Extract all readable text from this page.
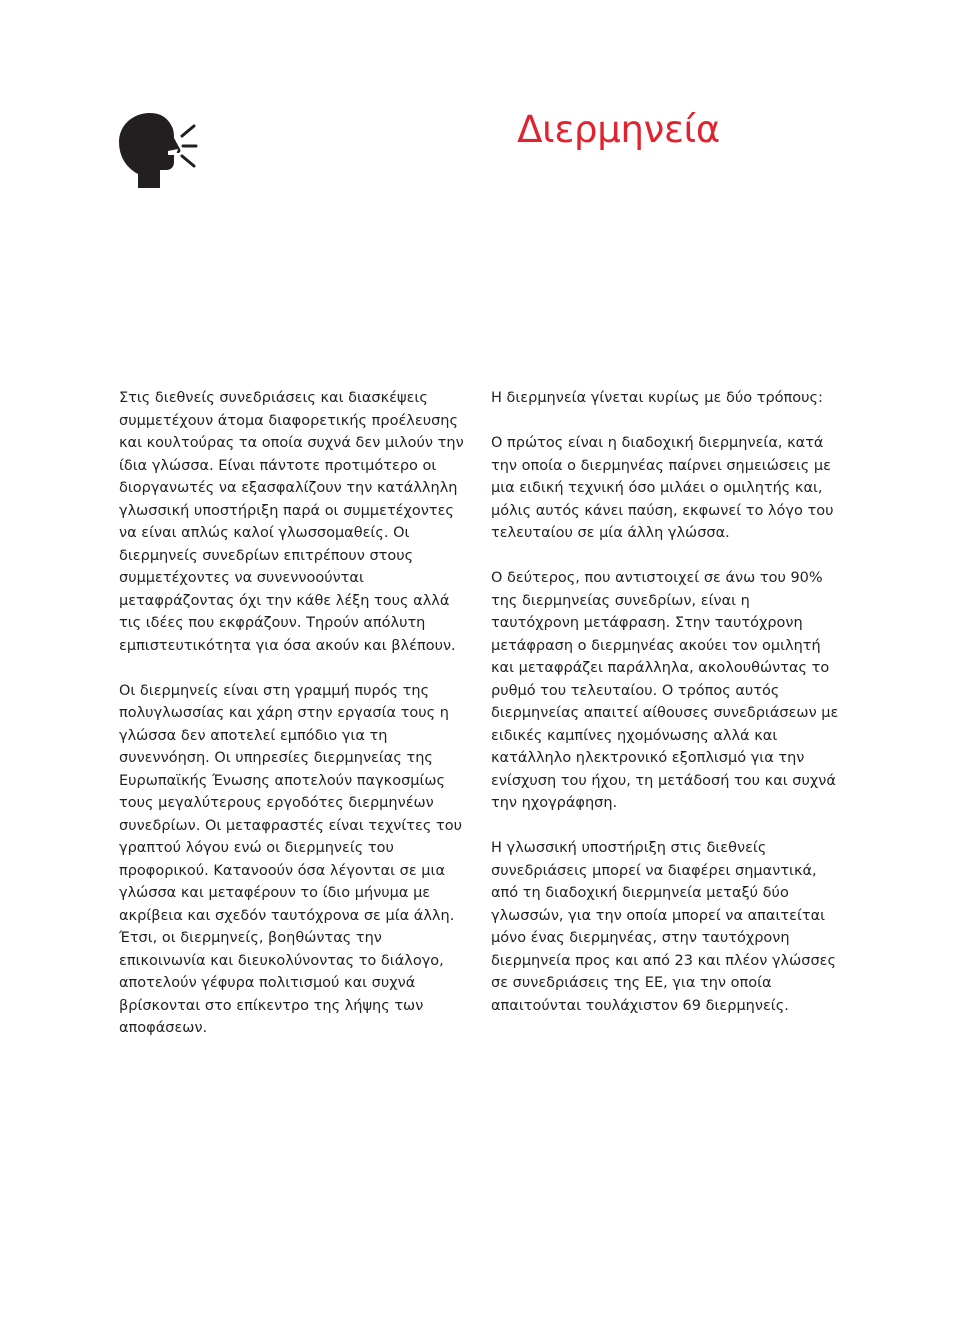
Διερμηνεία

Στις διεθνείς συνεδριάσεις και διασκέψεις συμμετέχουν άτομα διαφορετικής προέλευσης και κουλτούρας τα οποία συχνά δεν μιλούν την ίδια γλώσσα. Είναι πάντοτε προτιμότερο οι διοργανωτές να εξασφαλίζουν την κατάλληλη γλωσσική υποστήριξη παρά οι συμμετέχοντες να είναι απλώς καλοί γλωσσομαθείς. Οι διερμηνείς συνεδρίων επιτρέπουν στους συμμετέχοντες να συνεννοούνται μεταφράζοντας όχι την κάθε λέξη τους αλλά τις ιδέες που εκφράζουν. Τηρούν απόλυτη εμπιστευτικότητα για όσα ακούν και βλέπουν.

Οι διερμηνείς είναι στη γραμμή πυρός της πολυγλωσσίας και χάρη στην εργασία τους η γλώσσα δεν αποτελεί εμπόδιο για τη συνεννόηση. Οι υπηρεσίες διερμηνείας της Ευρωπαϊκής Ένωσης αποτελούν παγκοσμίως τους μεγαλύτερους εργοδότες διερμηνέων συνεδρίων. Οι μεταφραστές είναι τεχνίτες του γραπτού λόγου ενώ οι διερμηνείς του προφορικού. Κατανοούν όσα λέγονται σε μια γλώσσα και μεταφέρουν το ίδιο μήνυμα με ακρίβεια και σχεδόν ταυτόχρονα σε μία άλλη. Έτσι, οι διερμηνείς, βοηθώντας την επικοινωνία και διευκολύνοντας το διάλογο, αποτελούν γέφυρα πολιτισμού και συχνά βρίσκονται στο επίκεντρο της λήψης των αποφάσεων.

Η διερμηνεία γίνεται κυρίως με δύο τρόπους:

Ο πρώτος είναι η διαδοχική διερμηνεία, κατά την οποία ο διερμηνέας παίρνει σημειώσεις με μια ειδική τεχνική όσο μιλάει ο ομιλητής και, μόλις αυτός κάνει παύση, εκφωνεί το λόγο του τελευταίου σε μία άλλη γλώσσα.

Ο δεύτερος, που αντιστοιχεί σε άνω του 90% της διερμηνείας συνεδρίων, είναι η ταυτόχρονη μετάφραση. Στην ταυτόχρονη μετάφραση ο διερμηνέας ακούει τον ομιλητή και μεταφράζει παράλληλα, ακολουθώντας το ρυθμό του τελευταίου. Ο τρόπος αυτός διερμηνείας απαιτεί αίθουσες συνεδριάσεων με ειδικές καμπίνες ηχομόνωσης αλλά και κατάλληλο ηλεκτρονικό εξοπλισμό για την ενίσχυση του ήχου, τη μετάδοσή του και συχνά την ηχογράφηση.

Η γλωσσική υποστήριξη στις διεθνείς συνεδριάσεις μπορεί να διαφέρει σημαντικά, από τη διαδοχική διερμηνεία μεταξύ δύο γλωσσών, για την οποία μπορεί να απαιτείται μόνο ένας διερμηνέας, στην ταυτόχρονη διερμηνεία προς και από 23 και πλέον γλώσσες σε συνεδριάσεις της ΕΕ, για την οποία απαιτούνται τουλάχιστον 69 διερμηνείς.
